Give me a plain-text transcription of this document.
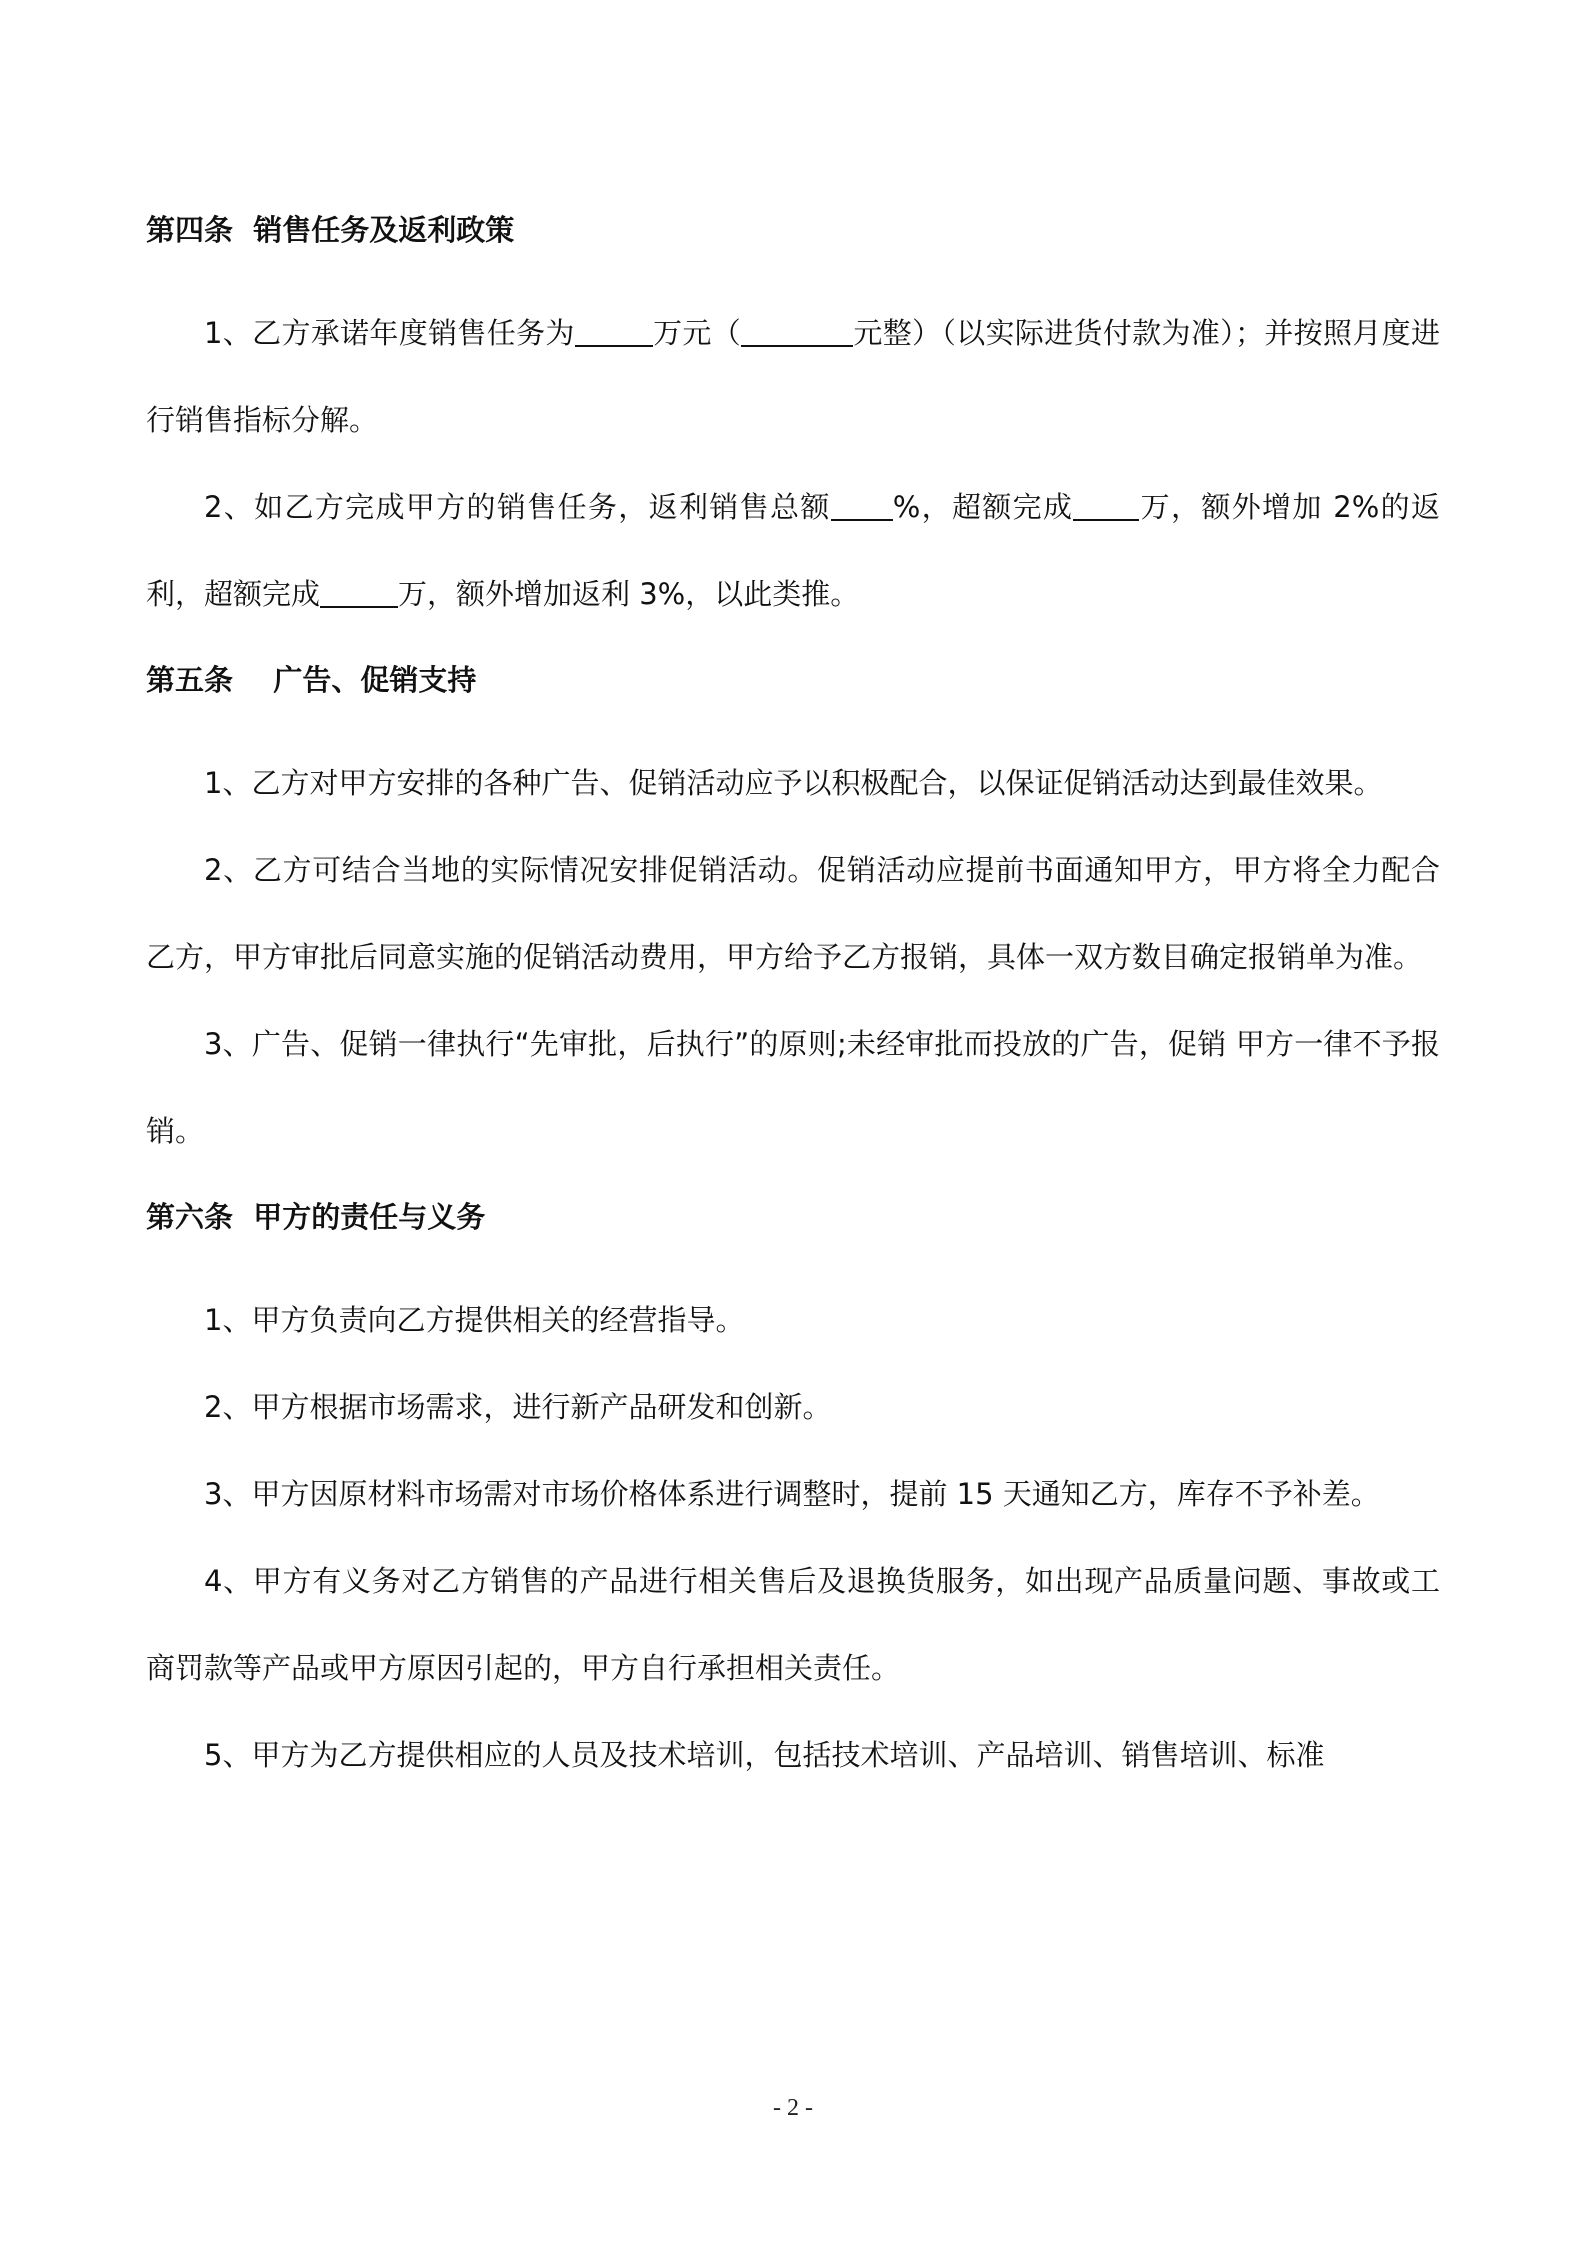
第四条  销售任务及返利政策

1、乙方承诺年度销售任务为	万元（	元整）（以实际进货付款为准）；并按照月度进行销售指标分解。

2、如乙方完成甲方的销售任务，返利销售总额 %，超额完成 万，额外增加 2%的返利，超额完成	万，额外增加返利 3%，以此类推。

第五条    广告、促销支持

1、乙方对甲方安排的各种广告、促销活动应予以积极配合，以保证促销活动达到最佳效果。

2、乙方可结合当地的实际情况安排促销活动。促销活动应提前书面通知甲方，甲方将全力配合乙方，甲方审批后同意实施的促销活动费用，甲方给予乙方报销，具体一双方数目确定报销单为准。

3、广告、促销一律执行“先审批，后执行”的原则;未经审批而投放的广告，促销 甲方一律不予报销。

第六条  甲方的责任与义务

1、甲方负责向乙方提供相关的经营指导。

2、甲方根据市场需求，进行新产品研发和创新。

3、甲方因原材料市场需对市场价格体系进行调整时，提前 15 天通知乙方，库存不予补差。

4、甲方有义务对乙方销售的产品进行相关售后及退换货服务，如出现产品质量问题、事故或工商罚款等产品或甲方原因引起的，甲方自行承担相关责任。

5、甲方为乙方提供相应的人员及技术培训，包括技术培训、产品培训、销售培训、标准

- 2 -
